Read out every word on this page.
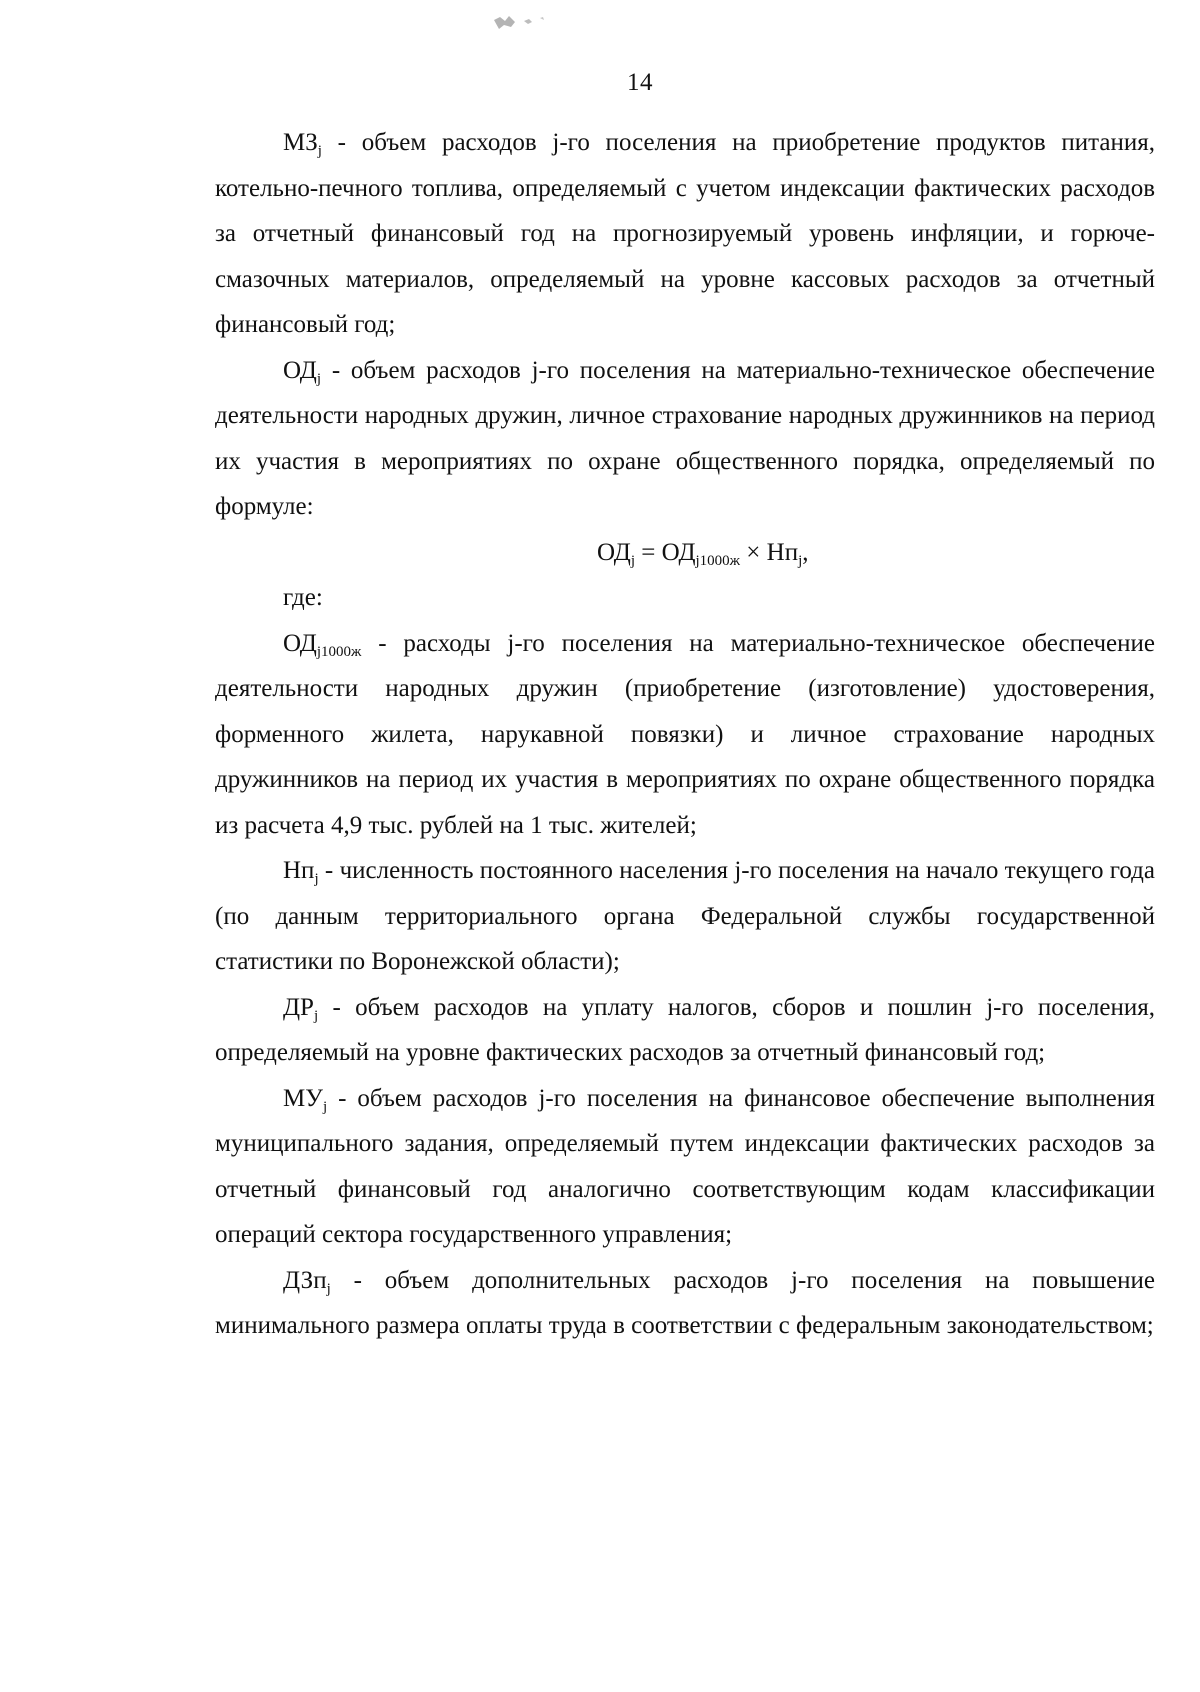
14

$МЗ_j$ - объем расходов j-го поселения на приобретение продуктов питания, котельно-печного топлива, определяемый с учетом индексации фактических расходов за отчетный финансовый год на прогнозируемый уровень инфляции, и горюче-смазочных материалов, определяемый на уровне кассовых расходов за отчетный финансовый год;

$ОД_j$ - объем расходов j-го поселения на материально-техническое обеспечение деятельности народных дружин, личное страхование народных дружинников на период их участия в мероприятиях по охране общественного порядка, определяемый по формуле:

$ОД_j = ОД_{j1000ж} \times Нп_j$,

где:

$ОД_{j1000ж}$ - расходы j-го поселения на материально-техническое обеспечение деятельности народных дружин (приобретение (изготовление) удостоверения, форменного жилета, нарукавной повязки) и личное страхование народных дружинников на период их участия в мероприятиях по охране общественного порядка из расчета 4,9 тыс. рублей на 1 тыс. жителей;

$Нп_j$ - численность постоянного населения j-го поселения на начало текущего года (по данным территориального органа Федеральной службы государственной статистики по Воронежской области);

$ДР_j$ - объем расходов на уплату налогов, сборов и пошлин j-го поселения, определяемый на уровне фактических расходов за отчетный финансовый год;

$МУ_j$ - объем расходов j-го поселения на финансовое обеспечение выполнения муниципального задания, определяемый путем индексации фактических расходов за отчетный финансовый год аналогично соответствующим кодам классификации операций сектора государственного управления;

ДЗп$_j$ - объем дополнительных расходов j-го поселения на повышение минимального размера оплаты труда в соответствии с федеральным законодательством;
